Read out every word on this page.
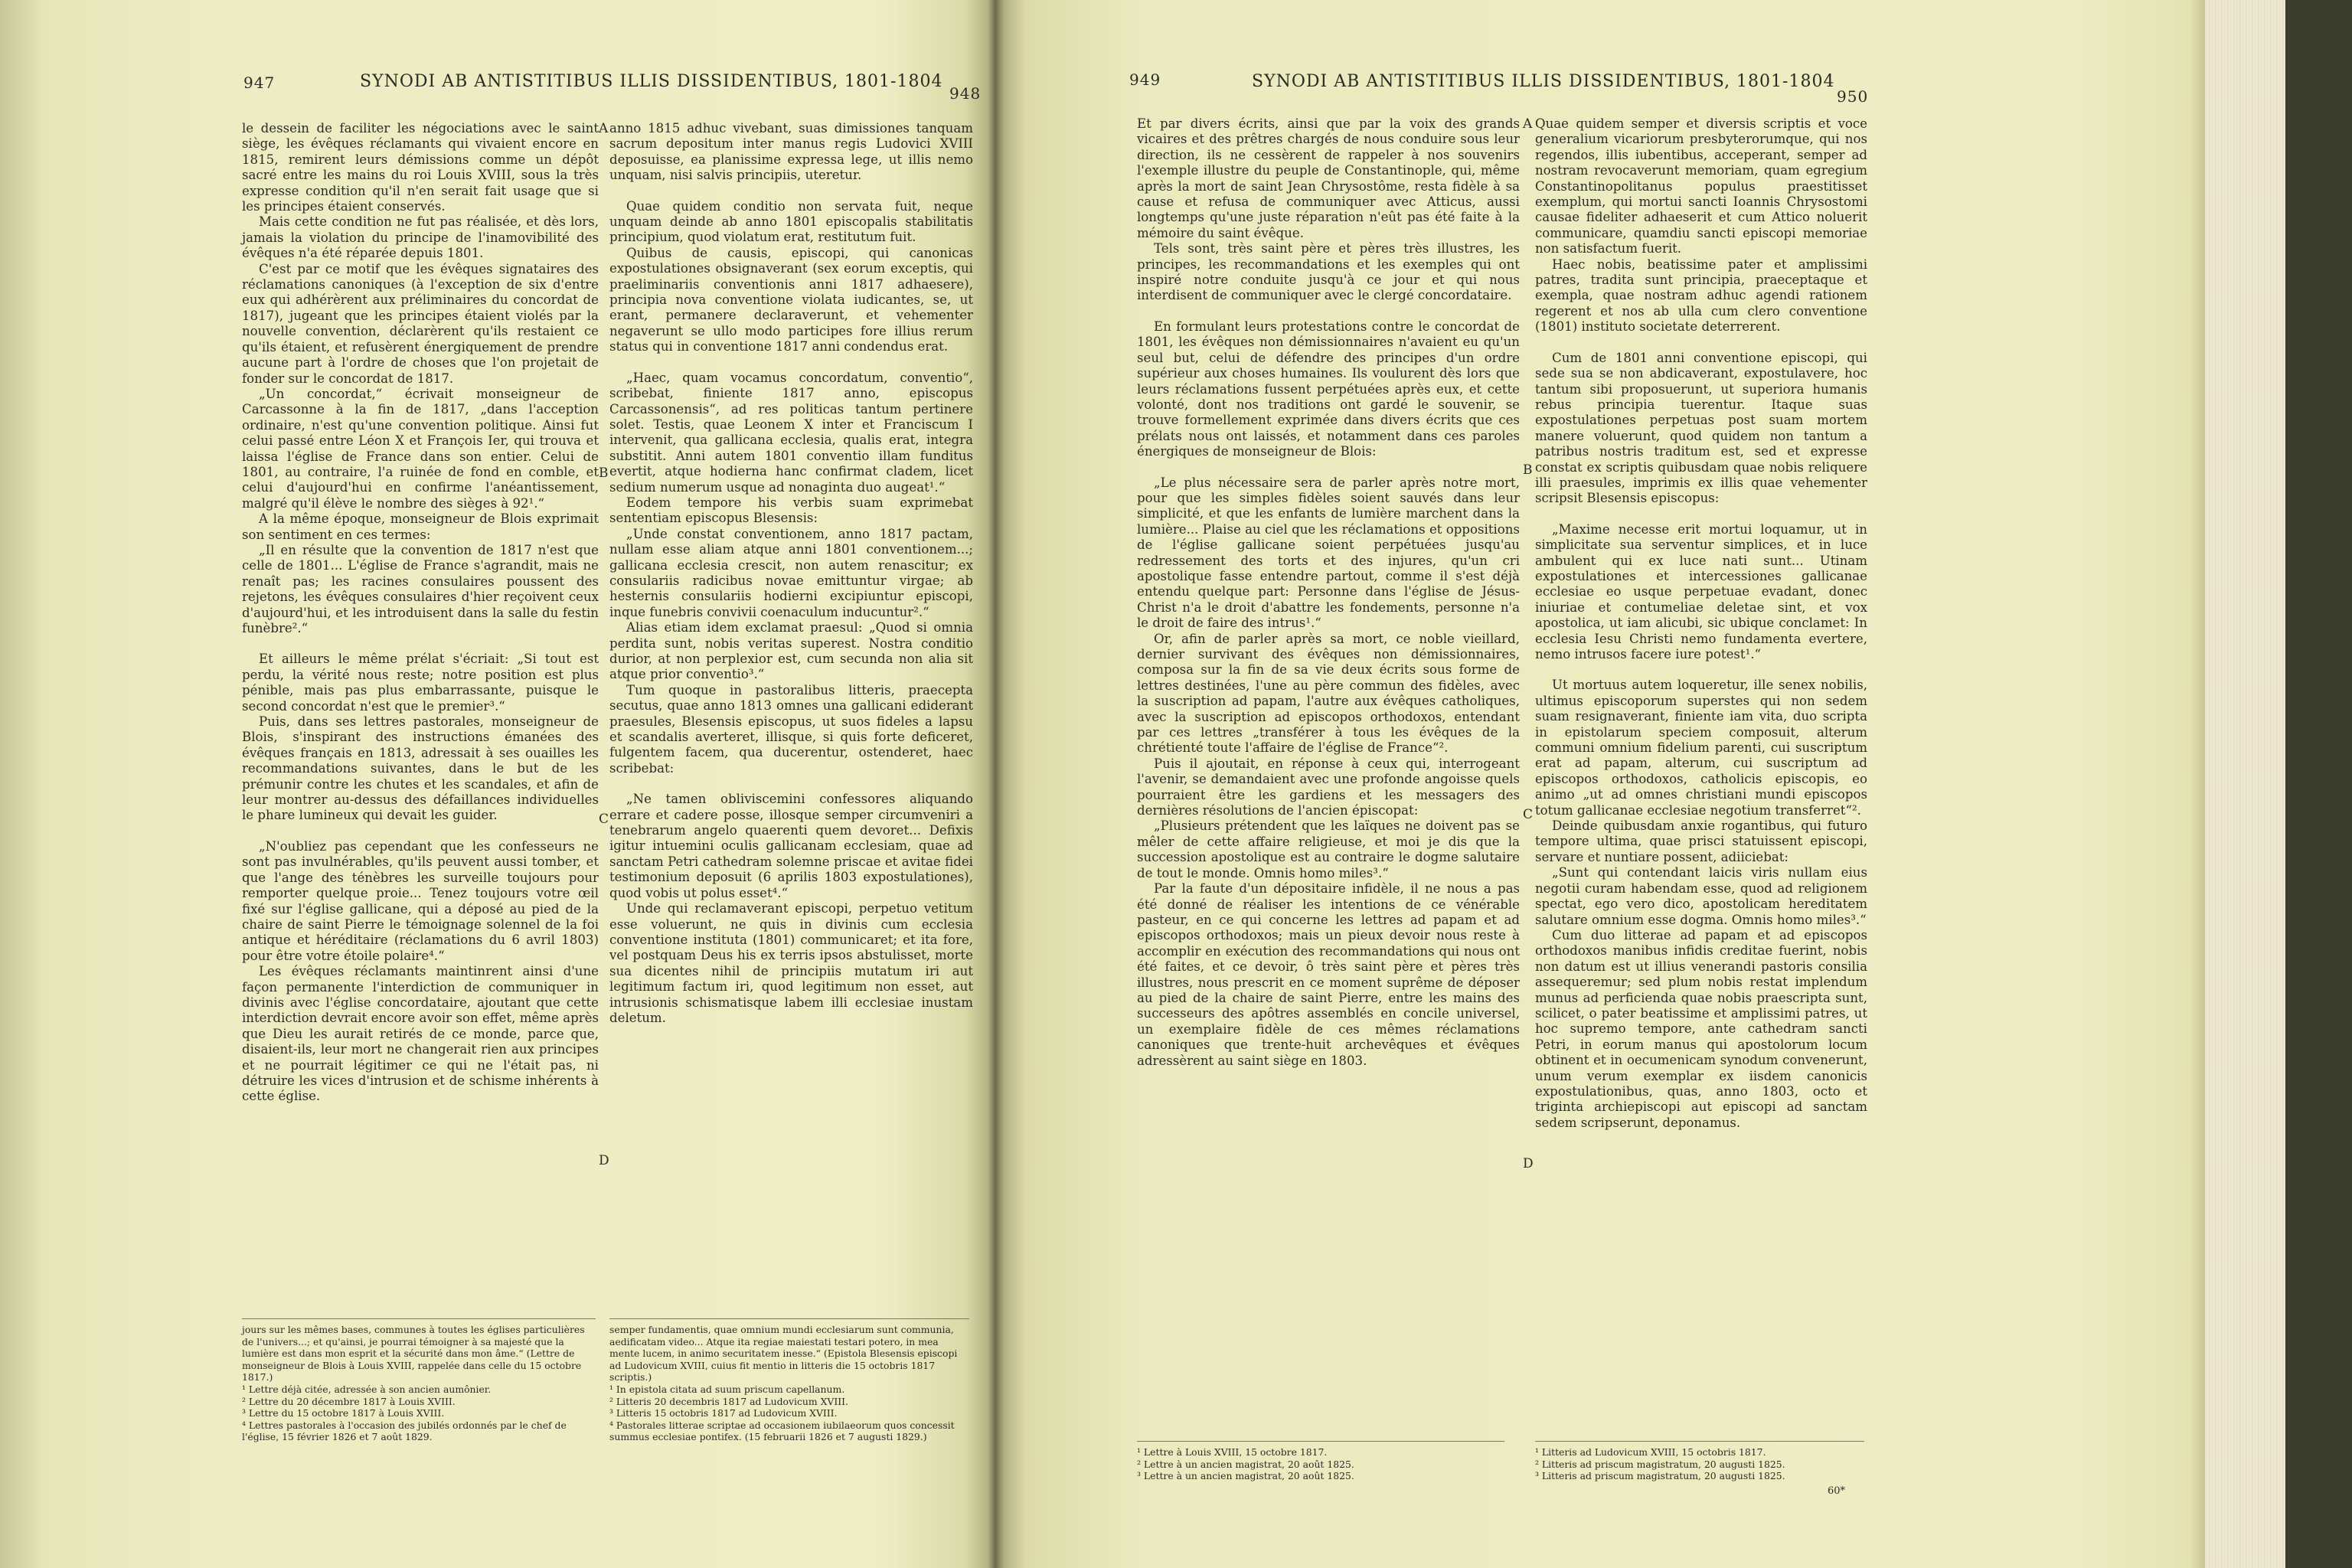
947	SYNODI AB ANTISTITIBUS ILLIS DISSIDENTIBUS, 1801-1804
948

le dessein de faciliter les négociations avec le saint siège, les évêques réclamants qui vivaient encore en 1815, remirent leurs démissions comme un dépôt sacré entre les mains du roi Louis XVIII, sous la très expresse condition qu'il n'en serait fait usage que si les principes étaient conservés.

Mais cette condition ne fut pas réalisée, et dès lors, jamais la violation du principe de l'inamovibilité des évêques n'a été réparée depuis 1801.

C'est par ce motif que les évêques signataires des réclamations canoniques (à l'exception de six d'entre eux qui adhérèrent aux préliminaires du concordat de 1817), jugeant que les principes étaient violés par la nouvelle convention, déclarèrent qu'ils restaient ce qu'ils étaient, et refusèrent énergiquement de prendre aucune part à l'ordre de choses que l'on projetait de fonder sur le concordat de 1817.

„Un concordat,“ écrivait monseigneur de Carcassonne à la fin de 1817, „dans l'acception ordinaire, n'est qu'une convention politique. Ainsi fut celui passé entre Léon X et François Ier, qui trouva et laissa l'église de France dans son entier. Celui de 1801, au contraire, l'a ruinée de fond en comble, et celui d'aujourd'hui en confirme l'anéantissement, malgré qu'il élève le nombre des sièges à 92¹.“

A la même époque, monseigneur de Blois exprimait son sentiment en ces termes:

„Il en résulte que la convention de 1817 n'est que celle de 1801... L'église de France s'agrandit, mais ne renaît pas; les racines consulaires poussent des rejetons, les évêques consulaires d'hier reçoivent ceux d'aujourd'hui, et les introduisent dans la salle du festin funèbre².“

Et ailleurs le même prélat s'écriait: „Si tout est perdu, la vérité nous reste; notre position est plus pénible, mais pas plus embarrassante, puisque le second concordat n'est que le premier³.“

Puis, dans ses lettres pastorales, monseigneur de Blois, s'inspirant des instructions émanées des évêques français en 1813, adressait à ses ouailles les recommandations suivantes, dans le but de les prémunir contre les chutes et les scandales, et afin de leur montrer au-dessus des défaillances individuelles le phare lumineux qui devait les guider.

„N'oubliez pas cependant que les confesseurs ne sont pas invulnérables, qu'ils peuvent aussi tomber, et que l'ange des ténèbres les surveille toujours pour remporter quelque proie... Tenez toujours votre œil fixé sur l'église gallicane, qui a déposé au pied de la chaire de saint Pierre le témoignage solennel de la foi antique et héréditaire (réclamations du 6 avril 1803) pour être votre étoile polaire⁴.“

Les évêques réclamants maintinrent ainsi d'une façon permanente l'interdiction de communiquer in divinis avec l'église concordataire, ajoutant que cette interdiction devrait encore avoir son effet, même après que Dieu les aurait retirés de ce monde, parce que, disaient-ils, leur mort ne changerait rien aux principes et ne pourrait légitimer ce qui ne l'était pas, ni détruire les vices d'intrusion et de schisme inhérents à cette église.

anno 1815 adhuc vivebant, suas dimissiones tanquam sacrum depositum inter manus regis Ludovici XVIII deposuisse, ea planissime expressa lege, ut illis nemo unquam, nisi salvis principiis, uteretur.

Quae quidem conditio non servata fuit, neque unquam deinde ab anno 1801 episcopalis stabilitatis principium, quod violatum erat, restitutum fuit.

Quibus de causis, episcopi, qui canonicas expostulationes obsignaverant (sex eorum exceptis, qui praeliminariis conventionis anni 1817 adhaesere), principia nova conventione violata iudicantes, se, ut erant, permanere declaraverunt, et vehementer negaverunt se ullo modo participes fore illius rerum status qui in conventione 1817 anni condendus erat.

„Haec, quam vocamus concordatum, conventio“, scribebat, finiente 1817 anno, episcopus Carcassonensis“, ad res politicas tantum pertinere solet. Testis, quae Leonem X inter et Franciscum I intervenit, qua gallicana ecclesia, qualis erat, integra substitit. Anni autem 1801 conventio illam funditus evertit, atque hodierna hanc confirmat cladem, licet sedium numerum usque ad nonaginta duo augeat¹.“

Eodem tempore his verbis suam exprimebat sententiam episcopus Blesensis:

„Unde constat conventionem, anno 1817 pactam, nullam esse aliam atque anni 1801 conventionem...; gallicana ecclesia crescit, non autem renascitur; ex consulariis radicibus novae emittuntur virgae; ab hesternis consulariis hodierni excipiuntur episcopi, inque funebris convivii coenaculum inducuntur².“

Alias etiam idem exclamat praesul: „Quod si omnia perdita sunt, nobis veritas superest. Nostra conditio durior, at non perplexior est, cum secunda non alia sit atque prior conventio³.“

Tum quoque in pastoralibus litteris, praecepta secutus, quae anno 1813 omnes una gallicani ediderant praesules, Blesensis episcopus, ut suos fideles a lapsu et scandalis averteret, illisque, si quis forte deficeret, fulgentem facem, qua ducerentur, ostenderet, haec scribebat:

„Ne tamen obliviscemini confessores aliquando errare et cadere posse, illosque semper circumveniri a tenebrarum angelo quaerenti quem devoret... Defixis igitur intuemini oculis gallicanam ecclesiam, quae ad sanctam Petri cathedram solemne priscae et avitae fidei testimonium deposuit (6 aprilis 1803 expostulationes), quod vobis ut polus esset⁴.“

Unde qui reclamaverant episcopi, perpetuo vetitum esse voluerunt, ne quis in divinis cum ecclesia conventione instituta (1801) communicaret; et ita fore, vel postquam Deus his ex terris ipsos abstulisset, morte sua dicentes nihil de principiis mutatum iri aut legitimum factum iri, quod legitimum non esset, aut intrusionis schismatisque labem illi ecclesiae inustam deletum.

A
B
C
D
jours sur les mêmes bases, communes à toutes les églises particulières de l'univers...; et qu'ainsi, je pourrai témoigner à sa majesté que la lumière est dans mon esprit et la sécurité dans mon âme.“ (Lettre de monseigneur de Blois à Louis XVIII, rappelée dans celle du 15 octobre 1817.)
¹ Lettre déjà citée, adressée à son ancien aumônier.
² Lettre du 20 décembre 1817 à Louis XVIII.
³ Lettre du 15 octobre 1817 à Louis XVIII.
⁴ Lettres pastorales à l'occasion des jubilés ordonnés par le chef de l'église, 15 février 1826 et 7 août 1829.
semper fundamentis, quae omnium mundi ecclesiarum sunt communia, aedificatam video... Atque ita regiae maiestati testari potero, in mea mente lucem, in animo securitatem inesse.“ (Epistola Blesensis episcopi ad Ludovicum XVIII, cuius fit mentio in litteris die 15 octobris 1817 scriptis.)
¹ In epistola citata ad suum priscum capellanum.
² Litteris 20 decembris 1817 ad Ludovicum XVIII.
³ Litteris 15 octobris 1817 ad Ludovicum XVIII.
⁴ Pastorales litterae scriptae ad occasionem iubilaeorum quos concessit summus ecclesiae pontifex. (15 februarii 1826 et 7 augusti 1829.)
949	SYNODI AB ANTISTITIBUS ILLIS DISSIDENTIBUS, 1801-1804
950

Et par divers écrits, ainsi que par la voix des grands vicaires et des prêtres chargés de nous conduire sous leur direction, ils ne cessèrent de rappeler à nos souvenirs l'exemple illustre du peuple de Constantinople, qui, même après la mort de saint Jean Chrysostôme, resta fidèle à sa cause et refusa de communiquer avec Atticus, aussi longtemps qu'une juste réparation n'eût pas été faite à la mémoire du saint évêque.

Tels sont, très saint père et pères très illustres, les principes, les recommandations et les exemples qui ont inspiré notre conduite jusqu'à ce jour et qui nous interdisent de communiquer avec le clergé concordataire.

En formulant leurs protestations contre le concordat de 1801, les évêques non démissionnaires n'avaient eu qu'un seul but, celui de défendre des principes d'un ordre supérieur aux choses humaines. Ils voulurent dès lors que leurs réclamations fussent perpétuées après eux, et cette volonté, dont nos traditions ont gardé le souvenir, se trouve formellement exprimée dans divers écrits que ces prélats nous ont laissés, et notamment dans ces paroles énergiques de monseigneur de Blois:

„Le plus nécessaire sera de parler après notre mort, pour que les simples fidèles soient sauvés dans leur simplicité, et que les enfants de lumière marchent dans la lumière... Plaise au ciel que les réclamations et oppositions de l'église gallicane soient perpétuées jusqu'au redressement des torts et des injures, qu'un cri apostolique fasse entendre partout, comme il s'est déjà entendu quelque part: Personne dans l'église de Jésus-Christ n'a le droit d'abattre les fondements, personne n'a le droit de faire des intrus¹.“

Or, afin de parler après sa mort, ce noble vieillard, dernier survivant des évêques non démissionnaires, composa sur la fin de sa vie deux écrits sous forme de lettres destinées, l'une au père commun des fidèles, avec la suscription ad papam, l'autre aux évêques catholiques, avec la suscription ad episcopos orthodoxos, entendant par ces lettres „transférer à tous les évêques de la chrétienté toute l'affaire de l'église de France“².

Puis il ajoutait, en réponse à ceux qui, interrogeant l'avenir, se demandaient avec une profonde angoisse quels pourraient être les gardiens et les messagers des dernières résolutions de l'ancien épiscopat:

„Plusieurs prétendent que les laïques ne doivent pas se mêler de cette affaire religieuse, et moi je dis que la succession apostolique est au contraire le dogme salutaire de tout le monde. Omnis homo miles³.“

Par la faute d'un dépositaire infidèle, il ne nous a pas été donné de réaliser les intentions de ce vénérable pasteur, en ce qui concerne les lettres ad papam et ad episcopos orthodoxos; mais un pieux devoir nous reste à accomplir en exécution des recommandations qui nous ont été faites, et ce devoir, ô très saint père et pères très illustres, nous prescrit en ce moment suprême de déposer au pied de la chaire de saint Pierre, entre les mains des successeurs des apôtres assemblés en concile universel, un exemplaire fidèle de ces mêmes réclamations canoniques que trente-huit archevêques et évêques adressèrent au saint siège en 1803.

Quae quidem semper et diversis scriptis et voce generalium vicariorum presbyterorumque, qui nos regendos, illis iubentibus, acceperant, semper ad nostram revocaverunt memoriam, quam egregium Constantinopolitanus populus praestitisset exemplum, qui mortui sancti Ioannis Chrysostomi causae fideliter adhaeserit et cum Attico noluerit communicare, quamdiu sancti episcopi memoriae non satisfactum fuerit.

Haec nobis, beatissime pater et amplissimi patres, tradita sunt principia, praeceptaque et exempla, quae nostram adhuc agendi rationem regerent et nos ab ulla cum clero conventione (1801) instituto societate deterrerent.

Cum de 1801 anni conventione episcopi, qui sede sua se non abdicaverant, expostulavere, hoc tantum sibi proposuerunt, ut superiora humanis rebus principia tuerentur. Itaque suas expostulationes perpetuas post suam mortem manere voluerunt, quod quidem non tantum a patribus nostris traditum est, sed et expresse constat ex scriptis quibusdam quae nobis reliquere illi praesules, imprimis ex illis quae vehementer scripsit Blesensis episcopus:

„Maxime necesse erit mortui loquamur, ut in simplicitate sua serventur simplices, et in luce ambulent qui ex luce nati sunt... Utinam expostulationes et intercessiones gallicanae ecclesiae eo usque perpetuae evadant, donec iniuriae et contumeliae deletae sint, et vox apostolica, ut iam alicubi, sic ubique conclamet: In ecclesia Iesu Christi nemo fundamenta evertere, nemo intrusos facere iure potest¹.“

Ut mortuus autem loqueretur, ille senex nobilis, ultimus episcoporum superstes qui non sedem suam resignaverant, finiente iam vita, duo scripta in epistolarum speciem composuit, alterum communi omnium fidelium parenti, cui suscriptum erat ad papam, alterum, cui suscriptum ad episcopos orthodoxos, catholicis episcopis, eo animo „ut ad omnes christiani mundi episcopos totum gallicanae ecclesiae negotium transferret“².

Deinde quibusdam anxie rogantibus, qui futuro tempore ultima, quae prisci statuissent episcopi, servare et nuntiare possent, adiiciebat:

„Sunt qui contendant laicis viris nullam eius negotii curam habendam esse, quod ad religionem spectat, ego vero dico, apostolicam hereditatem salutare omnium esse dogma. Omnis homo miles³.“

Cum duo litterae ad papam et ad episcopos orthodoxos manibus infidis creditae fuerint, nobis non datum est ut illius venerandi pastoris consilia assequeremur; sed plum nobis restat implendum munus ad perficienda quae nobis praescripta sunt, scilicet, o pater beatissime et amplissimi patres, ut hoc supremo tempore, ante cathedram sancti Petri, in eorum manus qui apostolorum locum obtinent et in oecumenicam synodum convenerunt, unum verum exemplar ex iisdem canonicis expostulationibus, quas, anno 1803, octo et triginta archiepiscopi aut episcopi ad sanctam sedem scripserunt, deponamus.

A
B
C
D
¹ Lettre à Louis XVIII, 15 octobre 1817.
² Lettre à un ancien magistrat, 20 août 1825.
³ Lettre à un ancien magistrat, 20 août 1825.
¹ Litteris ad Ludovicum XVIII, 15 octobris 1817.
² Litteris ad priscum magistratum, 20 augusti 1825.
³ Litteris ad priscum magistratum, 20 augusti 1825.
60*
